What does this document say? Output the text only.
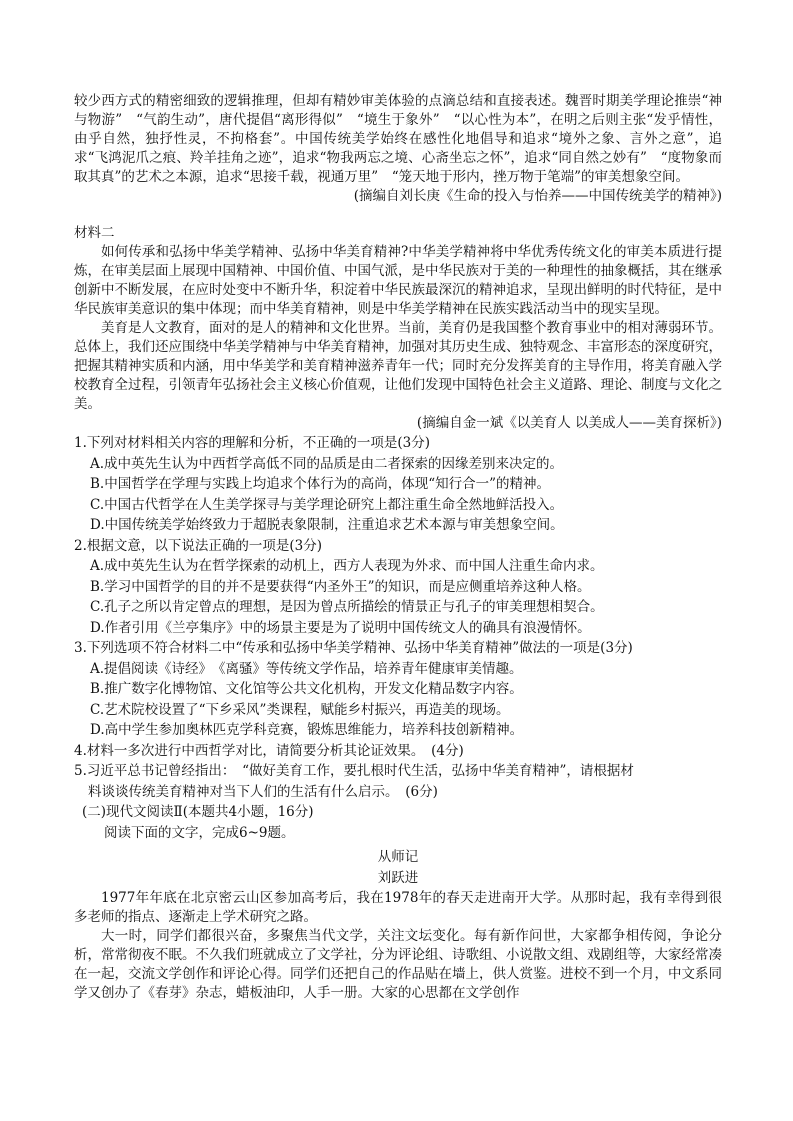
较少西方式的精密细致的逻辑推理，但却有精妙审美体验的点滴总结和直接表述。魏晋时期美学理论推崇“神与物游”　“气韵生动”，唐代提倡“离形得似”　“境生于象外”　“以心性为本”，在明之后则主张“发乎情性，由乎自然，独抒性灵，不拘格套”。中国传统美学始终在感性化地倡导和追求“境外之象、言外之意”，追求“飞鸿泥爪之痕、羚羊挂角之迹”，追求“物我两忘之境、心斋坐忘之怀”，追求“同自然之妙有”　“度物象而取其真”的艺术之本源，追求“思接千载，视通万里”　“笼天地于形内，挫万物于笔端”的审美想象空间。

(摘编自刘长庚《生命的投入与怡养——中国传统美学的精神》)

材料二

如何传承和弘扬中华美学精神、弘扬中华美育精神?中华美学精神将中华优秀传统文化的审美本质进行提炼，在审美层面上展现中国精神、中国价值、中国气派，是中华民族对于美的一种理性的抽象概括，其在继承创新中不断发展，在应时处变中不断升华，积淀着中华民族最深沉的精神追求，呈现出鲜明的时代特征，是中华民族审美意识的集中体现；而中华美育精神，则是中华美学精神在民族实践活动当中的现实呈现。

美育是人文教育，面对的是人的精神和文化世界。当前，美育仍是我国整个教育事业中的相对薄弱环节。总体上，我们还应围绕中华美学精神与中华美育精神，加强对其历史生成、独特观念、丰富形态的深度研究，把握其精神实质和内涵，用中华美学和美育精神滋养青年一代；同时充分发挥美育的主导作用，将美育融入学校教育全过程，引领青年弘扬社会主义核心价值观，让他们发现中国特色社会主义道路、理论、制度与文化之美。

(摘编自金一斌《以美育人 以美成人——美育探析》)

1.下列对材料相关内容的理解和分析，不正确的一项是(3分)

A.成中英先生认为中西哲学高低不同的品质是由二者探索的因缘差别来决定的。

B.中国哲学在学理与实践上均追求个体行为的高尚，体现“知行合一”的精神。

C.中国古代哲学在人生美学探寻与美学理论研究上都注重生命全然地鲜活投入。

D.中国传统美学始终致力于超脱表象限制，注重追求艺术本源与审美想象空间。

2.根据文意，以下说法正确的一项是(3分)

A.成中英先生认为在哲学探索的动机上，西方人表现为外求、而中国人注重生命内求。

B.学习中国哲学的目的并不是要获得“内圣外王”的知识，而是应侧重培养这种人格。

C.孔子之所以肯定曾点的理想，是因为曾点所描绘的情景正与孔子的审美理想相契合。

D.作者引用《兰亭集序》中的场景主要是为了说明中国传统文人的确具有浪漫情怀。

3.下列选项不符合材料二中“传承和弘扬中华美学精神、弘扬中华美育精神”做法的一项是(3分)

A.提倡阅读《诗经》　《离骚》等传统文学作品，培养青年健康审美情趣。

B.推广数字化博物馆、文化馆等公共文化机构，开发文化精品数字内容。

C.艺术院校设置了“下乡采风”类课程，赋能乡村振兴，再造美的现场。

D.高中学生参加奥林匹克学科竞赛，锻炼思维能力，培养科技创新精神。

4.材料一多次进行中西哲学对比，请简要分析其论证效果。　(4分)

5.习近平总书记曾经指出：　“做好美育工作，要扎根时代生活，弘扬中华美育精神”，请根据材

料谈谈传统美育精神对当下人们的生活有什么启示。　(6分)

(二)现代文阅读Ⅱ(本题共4小题，16分)

阅读下面的文字，完成6~9题。

从师记

刘跃进

1977年年底在北京密云山区参加高考后，我在1978年的春天走进南开大学。从那时起，我有幸得到很多老师的指点、逐渐走上学术研究之路。

大一时，同学们都很兴奋，多聚焦当代文学，关注文坛变化。每有新作问世，大家都争相传阅，争论分析，常常彻夜不眠。不久我们班就成立了文学社，分为评论组、诗歌组、小说散文组、戏剧组等，大家经常凑在一起，交流文学创作和评论心得。同学们还把自己的作品贴在墙上，供人赏鉴。进校不到一个月，中文系同学又创办了《春芽》杂志，蜡板油印，人手一册。大家的心思都在文学创作
